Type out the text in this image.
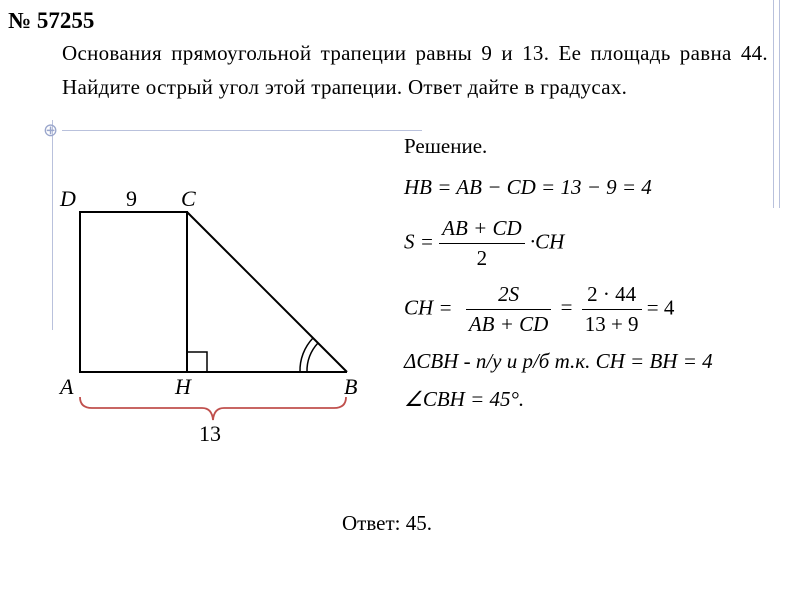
⊕
№ 57255
Основания прямоугольной трапеции равны 9 и 13. Ее площадь равна 44. Найдите острый угол этой трапеции. Ответ дайте в градусах.
D 9 C
A	H	B
13
Решение.
HB = AB − CD = 13 − 9 = 4
$S = \frac{AB + CD}{2} \cdot CH$
CH = $\frac{2S}{AB + CD} = \frac{2 \cdot 44}{13 + 9} = 4$
ΔCBH - п/у и р/б т.к. CH = BH = 4
∠CBH = 45°.
Ответ: 45.
